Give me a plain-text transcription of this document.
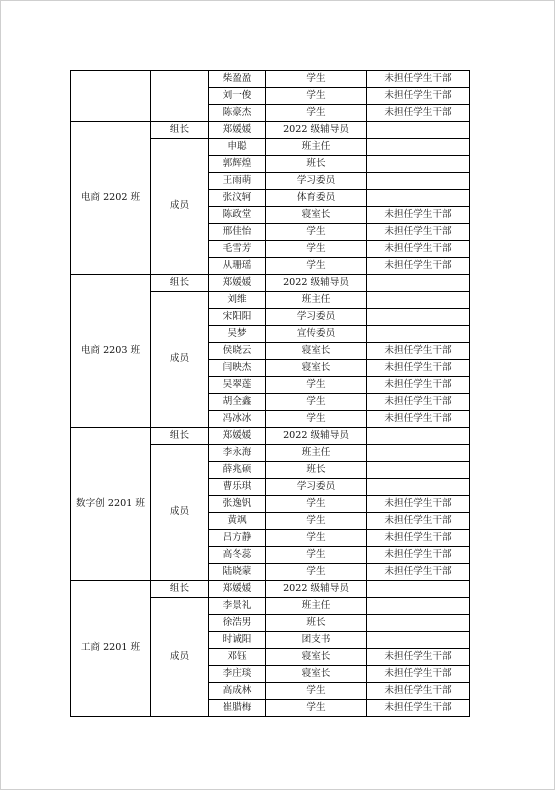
		柴盈盈	学生	未担任学生干部
		刘一俊	学生	未担任学生干部
		陈豪杰	学生	未担任学生干部
电商 2202 班	组长	郑媛媛	2022 级辅导员	
	成员	申聪	班主任	
		郭辉煌	班长	
		王雨萌	学习委员	
		张汶轲	体育委员	
		陈政堂	寝室长	未担任学生干部
		邢佳怡	学生	未担任学生干部
		毛雪芳	学生	未担任学生干部
		从珊瑶	学生	未担任学生干部
电商 2203 班	组长	郑媛媛	2022 级辅导员	
	成员	刘维	班主任	
		宋阳阳	学习委员	
		吴梦	宣传委员	
		侯晓云	寝室长	未担任学生干部
		闫映杰	寝室长	未担任学生干部
		吴翠莲	学生	未担任学生干部
		胡全鑫	学生	未担任学生干部
		冯冰冰	学生	未担任学生干部
数字创 2201 班	组长	郑媛媛	2022 级辅导员	
	成员	李永海	班主任	
		薛兆硕	班长	
		曹乐琪	学习委员	
		张逸钒	学生	未担任学生干部
		黄飒	学生	未担任学生干部
		吕方静	学生	未担任学生干部
		高冬蕊	学生	未担任学生干部
		陆晓蒙	学生	未担任学生干部
工商 2201 班	组长	郑媛媛	2022 级辅导员	
	成员	李景礼	班主任	
		徐浩男	班长	
		时诚阳	团支书	
		邓钰	寝室长	未担任学生干部
		李庄琰	寝室长	未担任学生干部
		高成林	学生	未担任学生干部
		崔腊梅	学生	未担任学生干部
